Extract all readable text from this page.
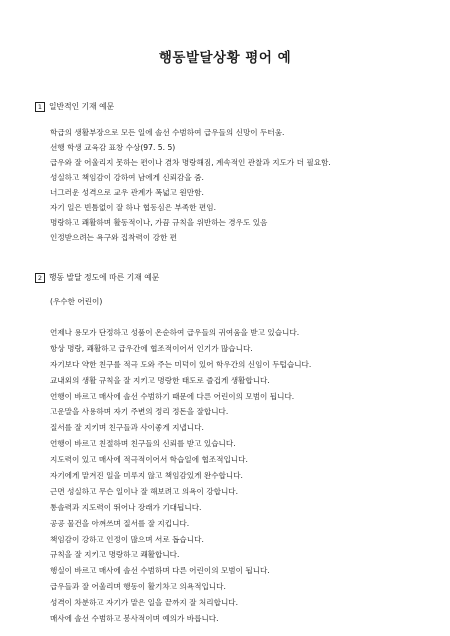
행동발달상황 평어 예
1 일반적인 기재 예문
학급의 생활부장으로 모든 일에 솔선 수범하여 급우들의 신망이 두터움.
선행 학생 교육감 표창 수상(97. 5. 5)
급우와 잘 어울리지 못하는 편이나 겸차 명랑해짐, 계속적인 관찰과 지도가 더 필요함.
성실하고 책임감이 강하여 남에게 신뢰감을 줌.
너그러운 성격으로 교우 관계가 폭넓고 원만함.
자기 일은 빈틈없이 잘 하나 협동심은 부족한 편임.
명랑하고 쾌활하며 활동적이나, 가끔 규칙을 위반하는 경우도 있음
인정받으려는 욕구와 집착력이 강한 편
2 행동 발달 정도에 따른 기재 예문
(우수한 어린이)
언제나 용모가 단정하고 성품이 온순하여 급우들의 귀여움을 받고 있습니다.
항상 명랑, 쾌활하고 급우간에 협조적이어서 인기가 많습니다.
자기보다 약한 친구를 적극 도와 주는 미덕이 있어 학우간의 신임이 두텁습니다.
교내외의 생활 규칙을 잘 지키고 명랑한 태도로 즐겁게 생활합니다.
언행이 바르고 매사에 솔선 수범하기 때문에 다른 어린이의 모범이 됩니다.
고운말을 사용하며 자기 주변의 정리 정돈을 잘합니다.
질서를 잘 지키며 친구들과 사이좋게 지냅니다.
언행이 바르고 친절하며 친구들의 신뢰를 받고 있습니다.
지도력이 있고 매사에 적극적이어서 학습일에 협조적입니다.
자기에게 맡겨진 일을 미루지 않고 책임감있게 완수합니다.
근면 성실하고 무슨 일이나 잘 해보려고 의욕이 강합니다.
통솔력과 지도력이 뛰어나 장래가 기대됩니다.
공공 물건을 아껴쓰며 질서를 잘 지킵니다.
책임감이 강하고 인정이 많으며 서로 돕습니다.
규칙을 잘 지키고 명랑하고 쾌활합니다.
행실이 바르고 매사에 솔선 수범하며 다른 어린이의 모범이 됩니다.
급우들과 잘 어울리며 행동이 활기차고 의욕적입니다.
성격이 차분하고 자기가 맡은 일을 끝까지 잘 처리합니다.
매사에 솔선 수범하고 봉사적이며 예의가 바릅니다.
